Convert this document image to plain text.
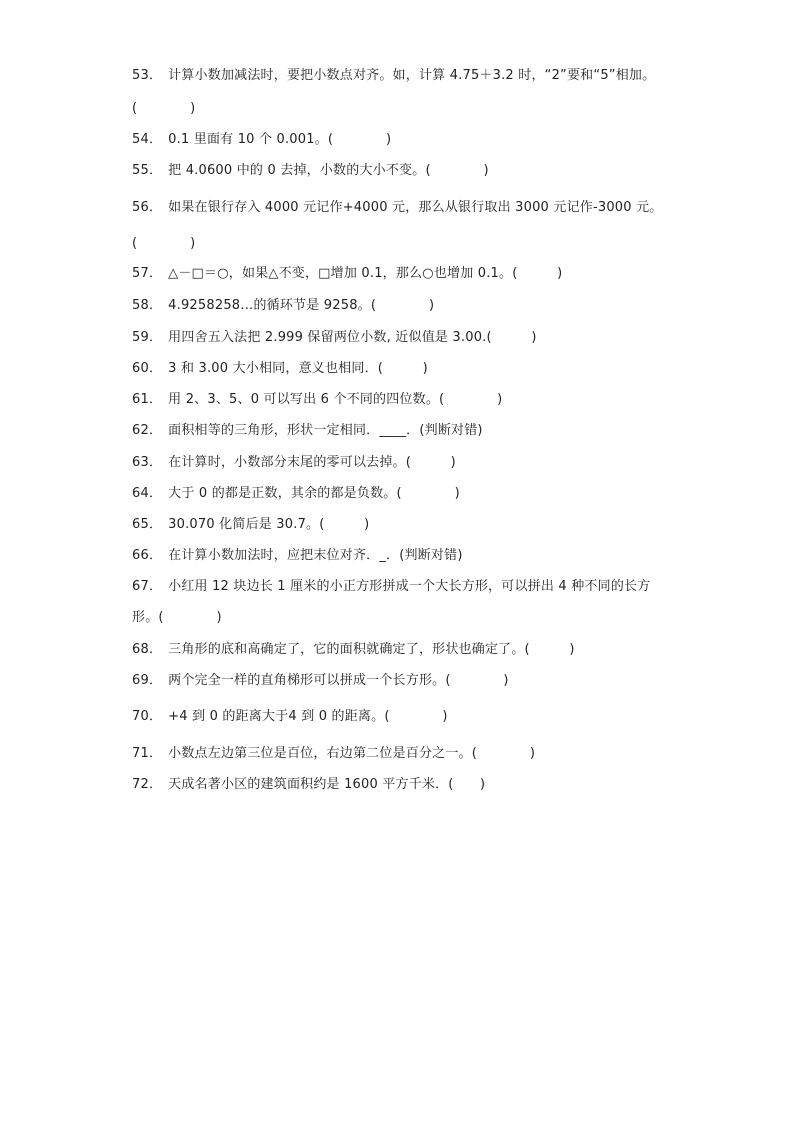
53． 计算小数加减法时，要把小数点对齐。如，计算 4.75＋3.2 时，“2”要和“5”相加。
(　　　　)
54． 0.1 里面有 10 个 0.001。(　　　　)
55． 把 4.0600 中的 0 去掉，小数的大小不变。(　　　　)
56． 如果在银行存入 4000 元记作+4000 元，那么从银行取出 3000 元记作-3000 元。
(　　　　)
57． △－□＝○，如果△不变，□增加 0.1，那么○也增加 0.1。(　　　)
58． 4.9258258…的循环节是 9258。(　　　　)
59． 用四舍五入法把 2.999 保留两位小数, 近似值是 3.00.(　　　)
60． 3 和 3.00 大小相同，意义也相同．(　　　)
61． 用 2、3、5、0 可以写出 6 个不同的四位数。(　　　　)
62． 面积相等的三角形，形状一定相同．____．(判断对错)
63． 在计算时，小数部分末尾的零可以去掉。(　　　)
64． 大于 0 的都是正数，其余的都是负数。(　　　　)
65． 30.070 化简后是 30.7。(　　　)
66． 在计算小数加法时，应把末位对齐．_．(判断对错)
67． 小红用 12 块边长 1 厘米的小正方形拼成一个大长方形，可以拼出 4 种不同的长方
形。(　　　　)
68． 三角形的底和高确定了，它的面积就确定了，形状也确定了。(　　　)
69． 两个完全一样的直角梯形可以拼成一个长方形。(　　　　)
70． +4 到 0 的距离大于4 到 0 的距离。(　　　　)
71． 小数点左边第三位是百位，右边第二位是百分之一。(　　　　)
72． 天成名著小区的建筑面积约是 1600 平方千米．(　　)
